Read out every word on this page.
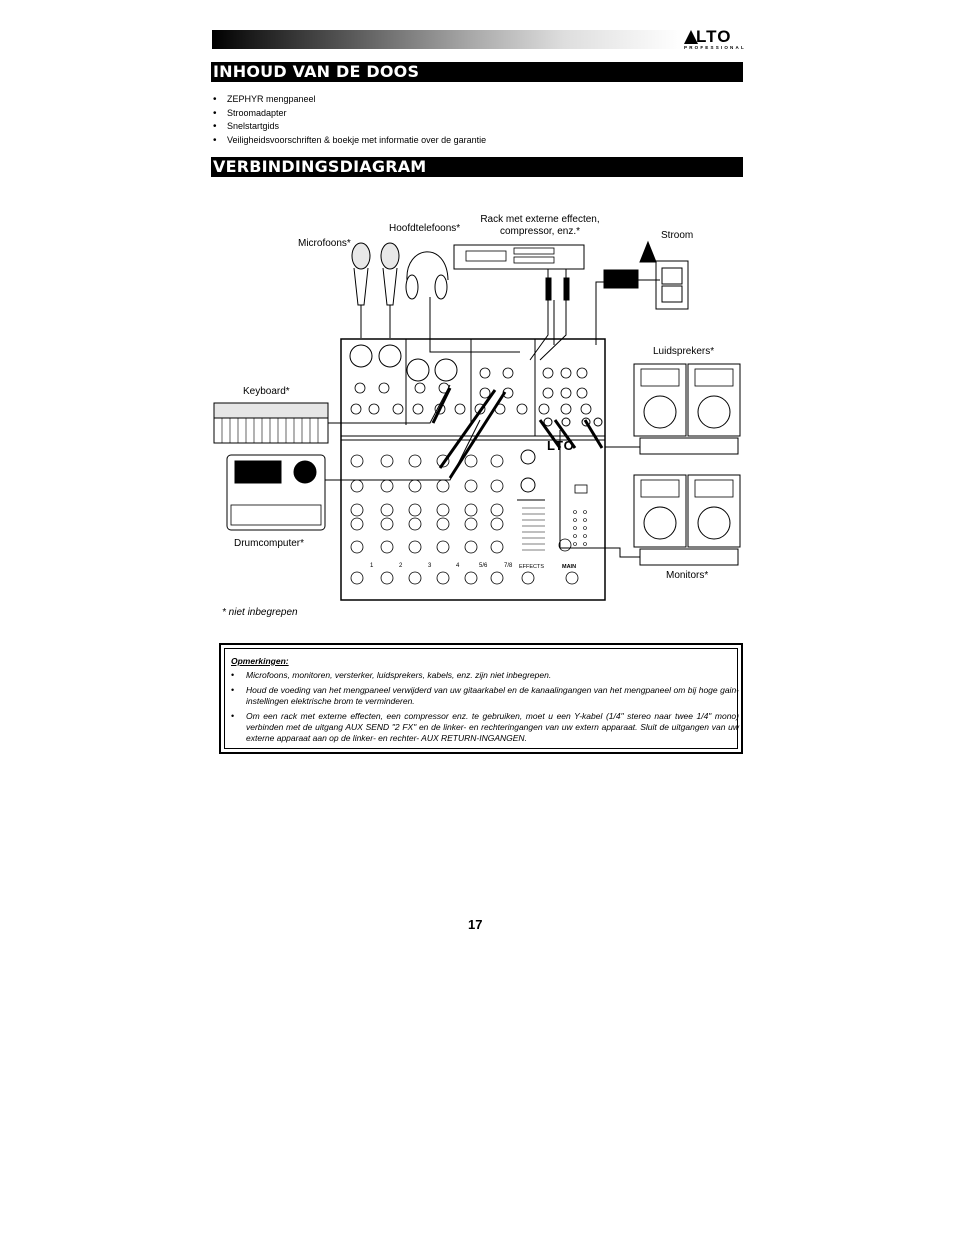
LTO
PROFESSIONAL
INHOUD VAN DE DOOS
• ZEPHYR mengpaneel
• Stroomadapter
• Snelstartgids
• Veiligheidsvoorschriften & boekje met informatie over de garantie
VERBINDINGSDIAGRAM
Microfoons*
Hoofdtelefoons*
Rack met externe effecten,
compressor, enz.*	Stroom
Luidsprekers*
Keyboard*
Drumcomputer*
Monitors*
LTO
1	2	3	4	5/6	7/8 EFFECTS	MAIN
* niet inbegrepen
Opmerkingen:
• Microfoons, monitoren, versterker, luidsprekers, kabels, enz. zijn niet inbegrepen.
• Houd de voeding van het mengpaneel verwijderd van uw gitaarkabel en de kanaalingangen van het mengpaneel om bij hoge gain-instellingen elektrische brom te verminderen.
• Om een rack met externe effecten, een compressor enz. te gebruiken, moet u een Y-kabel (1/4" stereo naar twee 1/4" mono) verbinden met de uitgang AUX SEND "2 FX" en de linker- en rechteringangen van uw extern apparaat. Sluit de uitgangen van uw externe apparaat aan op de linker- en rechter- AUX RETURN-INGANGEN.
17
